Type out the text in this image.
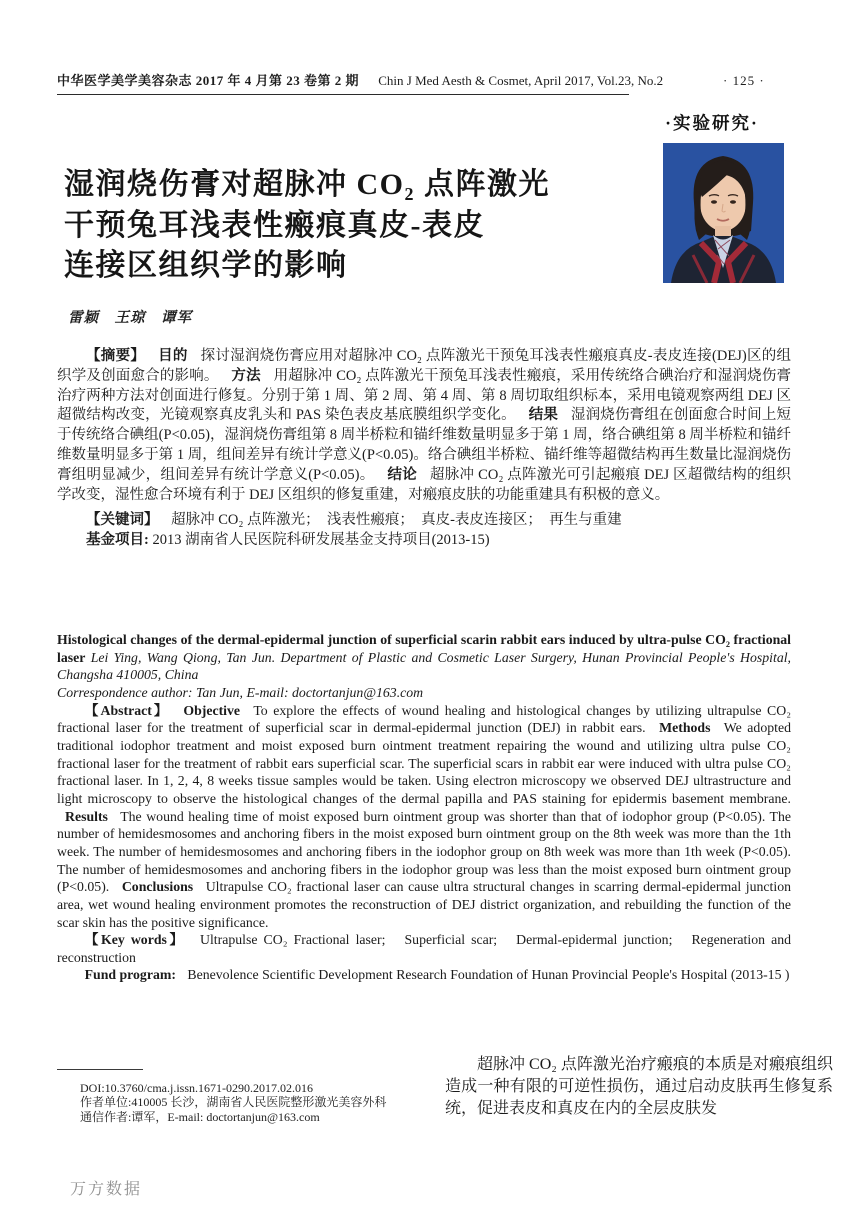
中华医学美学美容杂志 2017 年 4 月第 23 卷第 2 期 Chin J Med Aesth & Cosmet, April 2017, Vol.23, No.2	· 125 ·
·实验研究·
湿润烧伤膏对超脉冲 CO₂ 点阵激光
干预兔耳浅表性瘢痕真皮-表皮
连接区组织学的影响
雷颖　王琼　谭军

【摘要】 目的 探讨湿润烧伤膏应用对超脉冲 CO₂ 点阵激光干预兔耳浅表性瘢痕真皮-表皮连接(DEJ)区的组织学及创面愈合的影响。 方法 用超脉冲 CO₂ 点阵激光干预兔耳浅表性瘢痕，采用传统络合碘治疗和湿润烧伤膏治疗两种方法对创面进行修复。分别于第 1 周、第 2 周、第 4 周、第 8 周切取组织标本，采用电镜观察两组 DEJ 区超微结构改变，光镜观察真皮乳头和 PAS 染色表皮基底膜组织学变化。 结果 湿润烧伤膏组在创面愈合时间上短于传统络合碘组(P<0.05)，湿润烧伤膏组第 8 周半桥粒和锚纤维数量明显多于第 1 周，络合碘组第 8 周半桥粒和锚纤维数量明显多于第 1 周，组间差异有统计学意义(P<0.05)。络合碘组半桥粒、锚纤维等超微结构再生数量比湿润烧伤膏组明显减少，组间差异有统计学意义(P<0.05)。 结论 超脉冲 CO₂ 点阵激光可引起瘢痕 DEJ 区超微结构的组织学改变，湿性愈合环境有利于 DEJ 区组织的修复重建，对瘢痕皮肤的功能重建具有积极的意义。

【关键词】 超脉冲 CO₂ 点阵激光；　浅表性瘢痕；　真皮-表皮连接区；　再生与重建

基金项目: 2013 湖南省人民医院科研发展基金支持项目(2013-15)

Histological changes of the dermal-epidermal junction of superficial scarin rabbit ears induced by ultra-pulse CO₂ fractional laser Lei Ying, Wang Qiong, Tan Jun. Department of Plastic and Cosmetic Laser Surgery, Hunan Provincial People's Hospital, Changsha 410005, China

Correspondence author: Tan Jun, E-mail: doctortanjun@163.com

【Abstract】 Objective To explore the effects of wound healing and histological changes by utilizing ultrapulse CO₂ fractional laser for the treatment of superficial scar in dermal-epidermal junction (DEJ) in rabbit ears. Methods We adopted traditional iodophor treatment and moist exposed burn ointment treatment repairing the wound and utilizing ultra pulse CO₂ fractional laser for the treatment of rabbit ears superficial scar. The superficial scars in rabbit ear were induced with ultra pulse CO₂ fractional laser. In 1, 2, 4, 8 weeks tissue samples would be taken. Using electron microscopy we observed DEJ ultrastructure and light microscopy to observe the histological changes of the dermal papilla and PAS staining for epidermis basement membrane. Results The wound healing time of moist exposed burn ointment group was shorter than that of iodophor group (P<0.05). The number of hemidesmosomes and anchoring fibers in the moist exposed burn ointment group on the 8th week was more than the 1th week. The number of hemidesmosomes and anchoring fibers in the iodophor group on 8th week was more than 1th week (P<0.05). The number of hemidesmosomes and anchoring fibers in the iodophor group was less than the moist exposed burn ointment group (P<0.05). Conclusions Ultrapulse CO₂ fractional laser can cause ultra structural changes in scarring dermal-epidermal junction area, wet wound healing environment promotes the reconstruction of DEJ district organization, and rebuilding the function of the scar skin has the positive significance.

【Key words】 Ultrapulse CO₂ Fractional laser;　Superficial scar;　Dermal-epidermal junction;　Regeneration and reconstruction

Fund program: Benevolence Scientific Development Research Foundation of Hunan Provincial People's Hospital (2013-15 )

DOI:10.3760/cma.j.issn.1671-0290.2017.02.016
作者单位:410005 长沙，湖南省人民医院整形激光美容外科
通信作者:谭军，E-mail: doctortanjun@163.com

超脉冲 CO₂ 点阵激光治疗瘢痕的本质是对瘢痕组织造成一种有限的可逆性损伤，通过启动皮肤再生修复系统，促进表皮和真皮在内的全层皮肤发

万方数据
